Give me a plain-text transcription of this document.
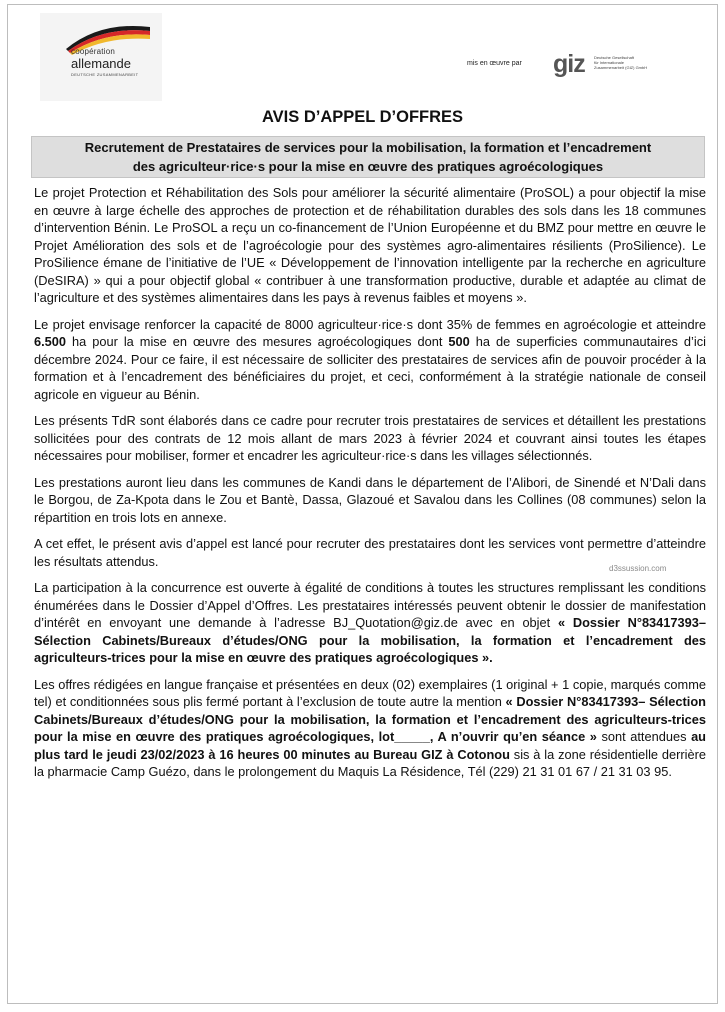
coopération
allemande
DEUTSCHE ZUSAMMENARBEIT
mis en œuvre par giz Deutsche Gesellschaft
für Internationale
Zusammenarbeit (GIZ) GmbH
AVIS D’APPEL D’OFFRES
Recrutement de Prestataires de services pour la mobilisation, la formation et l’encadrement
des agriculteur·rice·s pour la mise en œuvre des pratiques agroécologiques

Le projet Protection et Réhabilitation des Sols pour améliorer la sécurité alimentaire (ProSOL) a pour objectif la mise en œuvre à large échelle des approches de protection et de réhabilitation durables des sols dans les 18 communes d’intervention Bénin. Le ProSOL a reçu un co-financement de l’Union Européenne et du BMZ pour mettre en œuvre le Projet Amélioration des sols et de l’agroécologie pour des systèmes agro-alimentaires résilients (ProSilience). Le ProSilience émane de l’initiative de l’UE « Développement de l’innovation intelligente par la recherche en agriculture (DeSIRA) » qui a pour objectif global « contribuer à une transformation productive, durable et adaptée au climat de l’agriculture et des systèmes alimentaires dans les pays à revenus faibles et moyens ».

Le projet envisage renforcer la capacité de 8000 agriculteur·rice·s dont 35% de femmes en agroécologie et atteindre 6.500 ha pour la mise en œuvre des mesures agroécologiques dont 500 ha de superficies communautaires d’ici décembre 2024. Pour ce faire, il est nécessaire de solliciter des prestataires de services afin de pouvoir procéder à la formation et à l’encadrement des bénéficiaires du projet, et ceci, conformément à la stratégie nationale de conseil agricole en vigueur au Bénin.

Les présents TdR sont élaborés dans ce cadre pour recruter trois prestataires de services et détaillent les prestations sollicitées pour des contrats de 12 mois allant de mars 2023 à février 2024 et couvrant ainsi toutes les étapes nécessaires pour mobiliser, former et encadrer les agriculteur·rice·s dans les villages sélectionnés.

Les prestations auront lieu dans les communes de Kandi dans le département de l’Alibori, de Sinendé et N’Dali dans le Borgou, de Za-Kpota dans le Zou et Bantè, Dassa, Glazoué et Savalou dans les Collines (08 communes) selon la répartition en trois lots en annexe.

A cet effet, le présent avis d’appel est lancé pour recruter des prestataires dont les services vont permettre d’atteindre les résultats attendus.

La participation à la concurrence est ouverte à égalité de conditions à toutes les structures remplissant les conditions énumérées dans le Dossier d’Appel d’Offres. Les prestataires intéressés peuvent obtenir le dossier de manifestation d’intérêt en envoyant une demande à l’adresse BJ_Quotation@giz.de avec en objet « Dossier N°83417393– Sélection Cabinets/Bureaux d’études/ONG pour la mobilisation, la formation et l’encadrement des agriculteurs-trices pour la mise en œuvre des pratiques agroécologiques ».

Les offres rédigées en langue française et présentées en deux (02) exemplaires (1 original + 1 copie, marqués comme tel) et conditionnées sous plis fermé portant à l’exclusion de toute autre la mention « Dossier N°83417393– Sélection Cabinets/Bureaux d’études/ONG pour la mobilisation, la formation et l’encadrement des agriculteurs-trices pour la mise en œuvre des pratiques agroécologiques, lot_____, A n’ouvrir qu’en séance » sont attendues au plus tard le jeudi 23/02/2023 à 16 heures 00 minutes au Bureau GIZ à Cotonou sis à la zone résidentielle derrière la pharmacie Camp Guézo, dans le prolongement du Maquis La Résidence, Tél (229) 21 31 01 67 / 21 31 03 95.

d3ssussion.com
